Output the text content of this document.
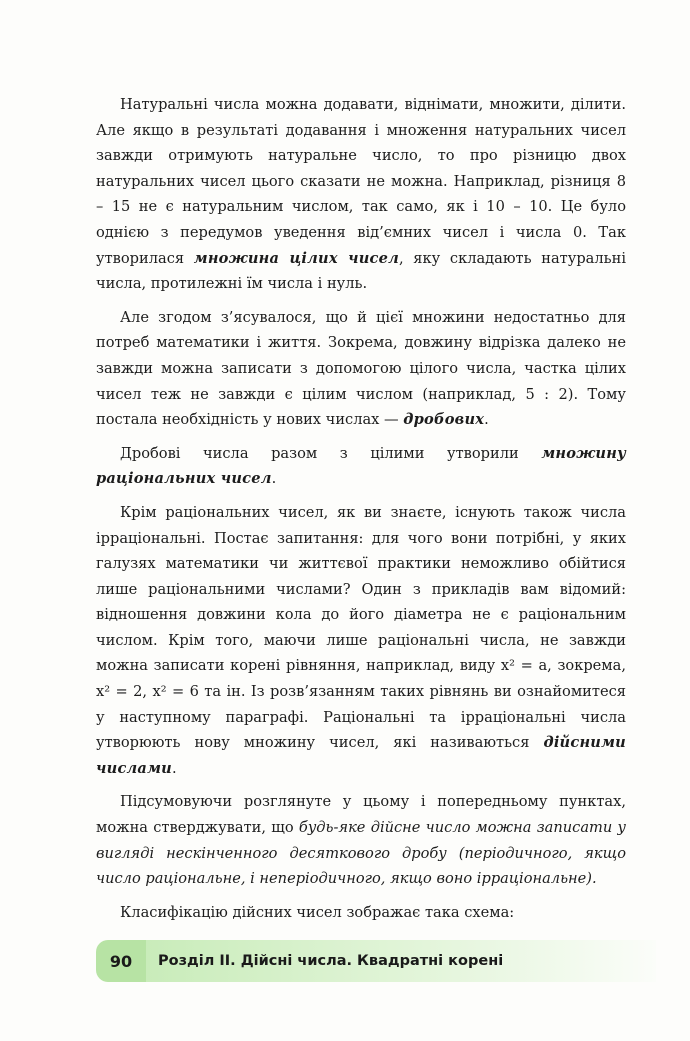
Натуральні числа можна додавати, віднімати, множити, ділити. Але якщо в результаті додавання і множення натуральних чисел завжди отримують натуральне число, то про різницю двох натуральних чисел цього сказати не можна. Наприклад, різниця 8 – 15 не є натуральним числом, так само, як і 10 – 10. Це було однією з передумов уведення від’ємних чисел і числа 0. Так утворилася множина цілих чисел, яку складають натуральні числа, протилежні їм числа і нуль.

Але згодом з’ясувалося, що й цієї множини недостатньо для потреб математики і життя. Зокрема, довжину відрізка далеко не завжди можна записати з допомогою цілого числа, частка цілих чисел теж не завжди є цілим числом (наприклад, 5 : 2). Тому постала необхідність у нових числах — дробових.

Дробові числа разом з цілими утворили множину раціональних чисел.

Крім раціональних чисел, як ви знаєте, існують також числа ірраціональні. Постає запитання: для чого вони потрібні, у яких галузях математики чи життєвої практики неможливо обійтися лише раціональними числами? Один з прикладів вам відомий: відношення довжини кола до його діаметра не є раціональним числом. Крім того, маючи лише раціональні числа, не завжди можна записати корені рівняння, наприклад, виду x² = a, зокрема, x² = 2, x² = 6 та ін. Із розв’язанням таких рівнянь ви ознайомитеся у наступному параграфі. Раціональні та ірраціональні числа утворюють нову множину чисел, які називаються дійсними числами.

Підсумовуючи розглянуте у цьому і попередньому пунктах, можна стверджувати, що будь-яке дійсне число можна записати у вигляді нескінченного десяткового дробу (періодичного, якщо число раціональне, і неперіодичного, якщо воно ірраціональне).

Класифікацію дійсних чисел зображає така схема:

90	Розділ ІІ. Дійсні числа. Квадратні корені
